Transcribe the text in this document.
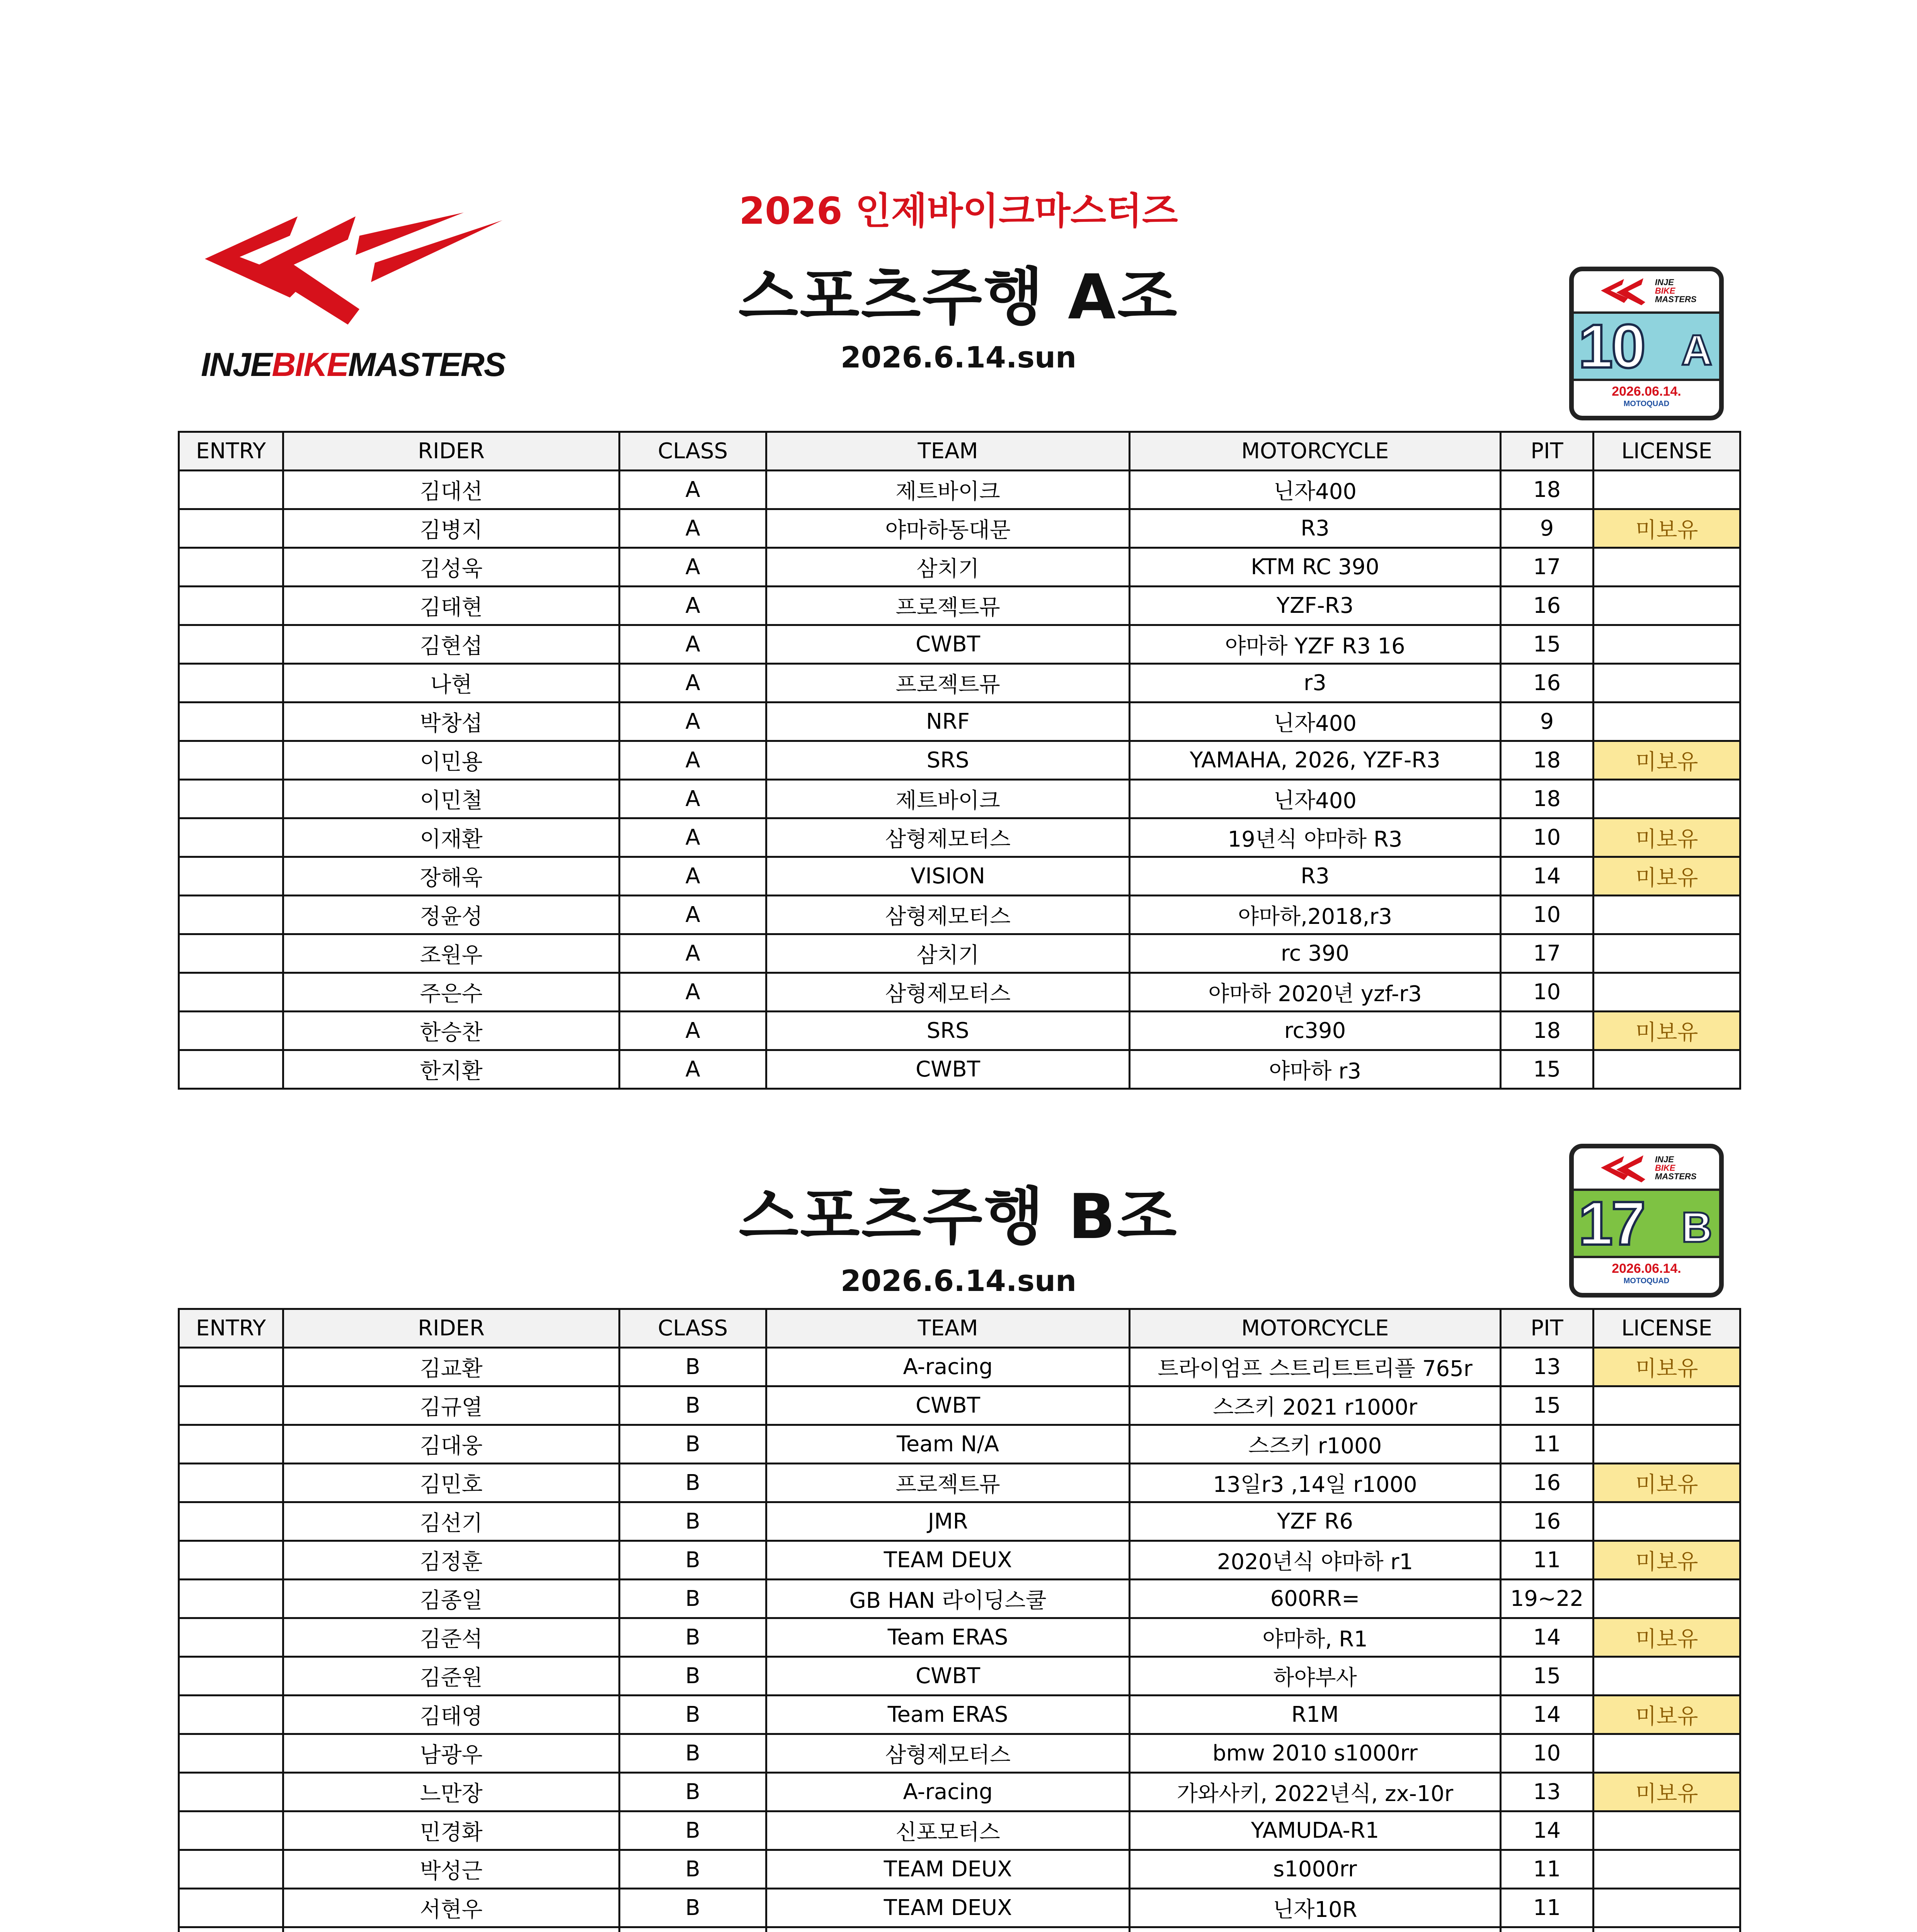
INJEBIKEMASTERS
2026 인제바이크마스터즈
스포츠주행 A조
2026.6.14.sun
INJE
BIKE
MASTERS
10 A
2026.06.14.
MOTOQUAD
ENTRY	RIDER	CLASS	TEAM	MOTORCYCLE	PIT	LICENSE
	김대선	A	제트바이크	닌자400	18	
	김병지	A	야마하동대문	R3	9	미보유
	김성욱	A	삼치기	KTM RC 390	17	
	김태현	A	프로젝트뮤	YZF-R3	16	
	김현섭	A	CWBT	야마하 YZF R3 16	15	
	나현	A	프로젝트뮤	r3	16	
	박창섭	A	NRF	닌자400	9	
	이민용	A	SRS	YAMAHA, 2026, YZF-R3	18	미보유
	이민철	A	제트바이크	닌자400	18	
	이재환	A	삼형제모터스	19년식 야마하 R3	10	미보유
	장해욱	A	VISION	R3	14	미보유
	정윤성	A	삼형제모터스	야마하,2018,r3	10	
	조원우	A	삼치기	rc 390	17	
	주은수	A	삼형제모터스	야마하 2020년 yzf-r3	10	
	한승찬	A	SRS	rc390	18	미보유
	한지환	A	CWBT	야마하 r3	15	
스포츠주행 B조
2026.6.14.sun
INJE
BIKE
MASTERS
17 B
2026.06.14.
MOTOQUAD
ENTRY	RIDER	CLASS	TEAM	MOTORCYCLE	PIT	LICENSE
	김교환	B	A-racing	트라이엄프 스트리트트리플 765r	13	미보유
	김규열	B	CWBT	스즈키 2021 r1000r	15	
	김대웅	B	Team N/A	스즈키 r1000	11	
	김민호	B	프로젝트뮤	13일r3 ,14일 r1000	16	미보유
	김선기	B	JMR	YZF R6	16	
	김정훈	B	TEAM DEUX	2020년식 야마하 r1	11	미보유
	김종일	B	GB HAN 라이딩스쿨	600RR=	19~22	
	김준석	B	Team ERAS	야마하, R1	14	미보유
	김준원	B	CWBT	하야부사	15	
	김태영	B	Team ERAS	R1M	14	미보유
	남광우	B	삼형제모터스	bmw 2010 s1000rr	10	
	느만장	B	A-racing	가와사키, 2022년식, zx-10r	13	미보유
	민경화	B	신포모터스	YAMUDA-R1	14	
	박성근	B	TEAM DEUX	s1000rr	11	
	서현우	B	TEAM DEUX	닌자10R	11	
